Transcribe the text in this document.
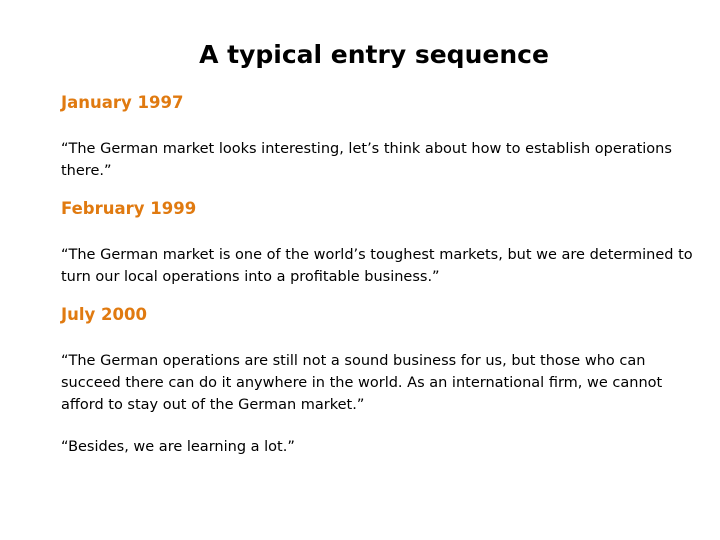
A typical entry sequence
January 1997
“The German market looks interesting, let’s think about how to establish operations there.”
February 1999
“The German market is one of the world’s toughest markets, but we are determined to turn our local operations into a profitable business.”
July 2000
“The German operations are still not a sound business for us, but those who can succeed there can do it anywhere in the world. As an international firm, we cannot afford to stay out of the German market.”
“Besides, we are learning a lot.”
